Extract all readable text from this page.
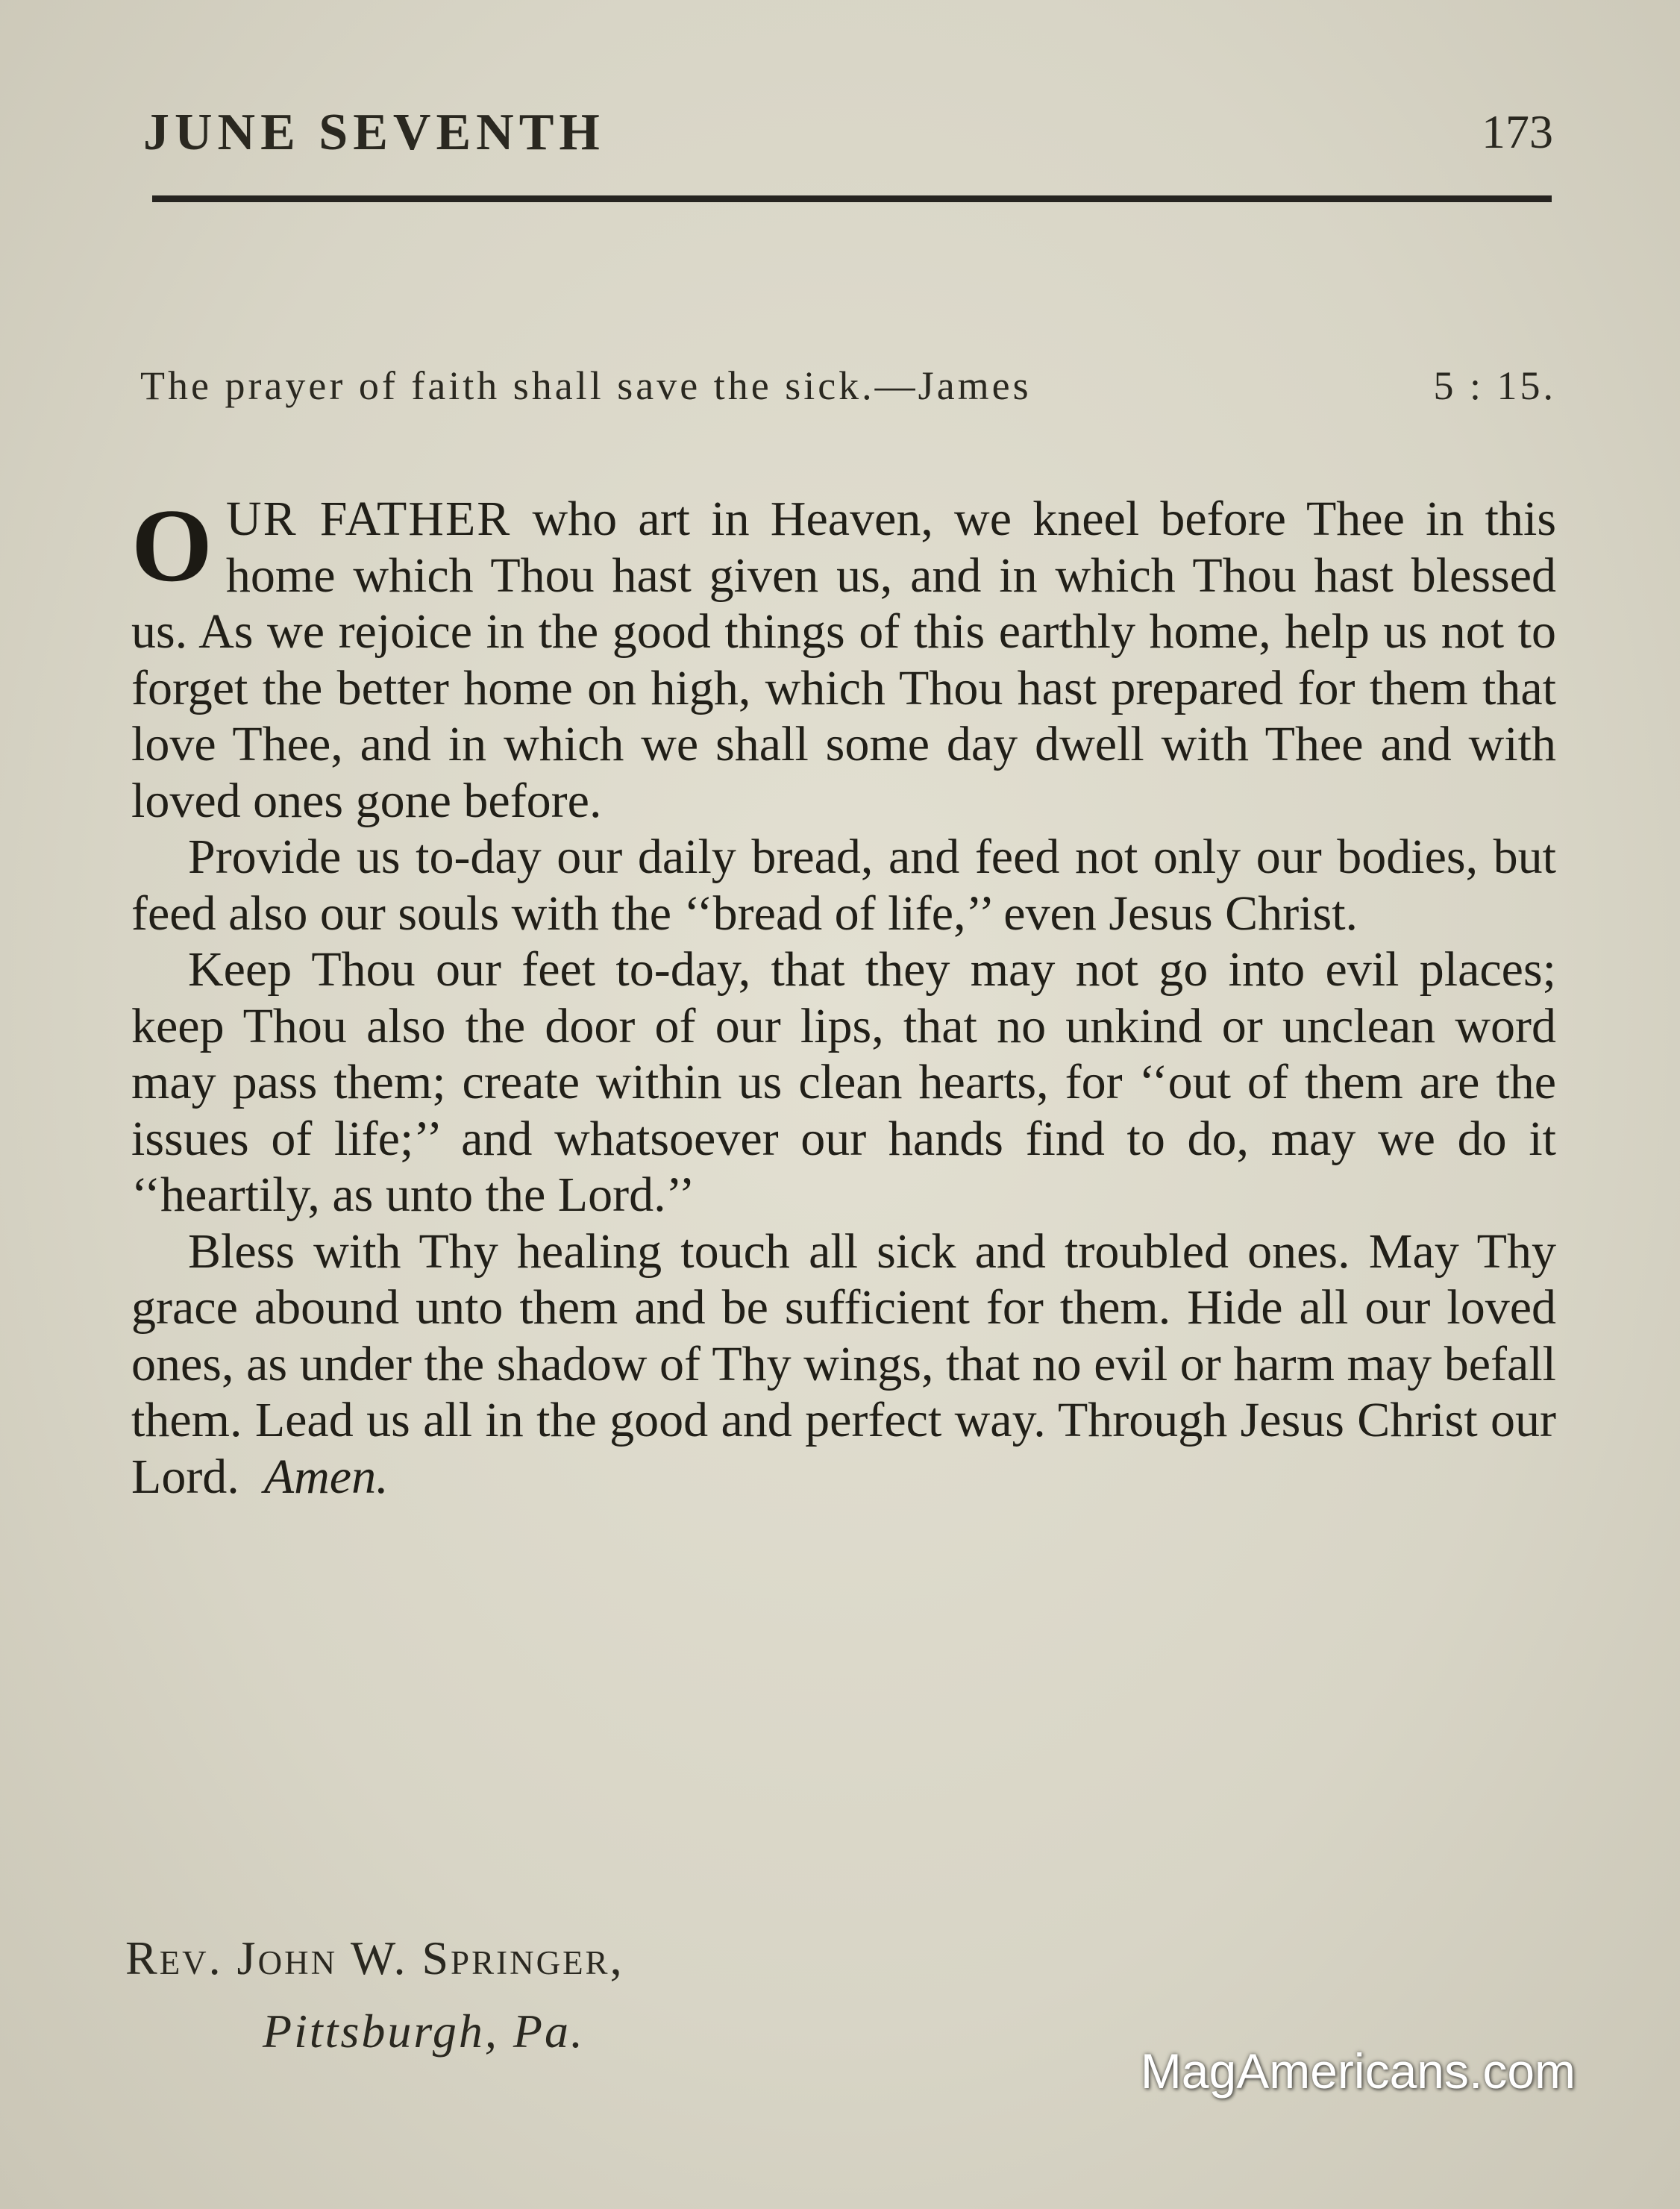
JUNE SEVENTH	173
The prayer of faith shall save the sick.—James	5 : 15.

OUR FATHER who art in Heaven, we kneel before Thee in this home which Thou hast given us, and in which Thou hast blessed us. As we rejoice in the good things of this earthly home, help us not to forget the better home on high, which Thou hast prepared for them that love Thee, and in which we shall some day dwell with Thee and with loved ones gone before.

Provide us to-day our daily bread, and feed not only our bodies, but feed also our souls with the ‘‘bread of life,’’ even Jesus Christ.

Keep Thou our feet to-day, that they may not go into evil places; keep Thou also the door of our lips, that no unkind or unclean word may pass them; create within us clean hearts, for ‘‘out of them are the issues of life;’’ and whatsoever our hands find to do, may we do it ‘‘heartily, as unto the Lord.’’

Bless with Thy healing touch all sick and troubled ones. May Thy grace abound unto them and be sufficient for them. Hide all our loved ones, as under the shadow of Thy wings, that no evil or harm may befall them. Lead us all in the good and perfect way. Through Jesus Christ our Lord. Amen.

Rev. John W. Springer,
Pittsburgh, Pa.
MagAmericans.com
